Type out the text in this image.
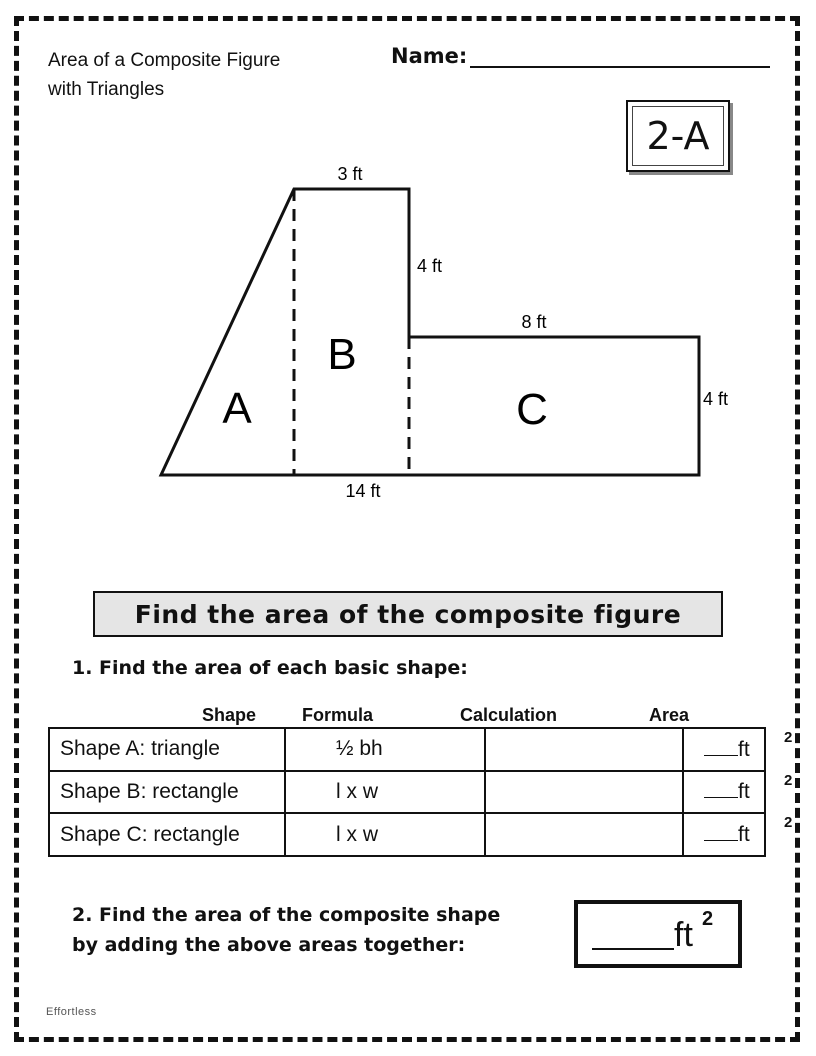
Area of a Composite Figure
with Triangles
Name:
2-A
3 ft
4 ft
8 ft
4 ft
14 ft
A
B
C
Find the area of the composite figure
1. Find the area of each basic shape:
Shape	Formula	Calculation	Area
Shape A: triangle	½ bh		ft
2

Shape B: rectangle	l x w		ft
2

Shape C: rectangle	l x w		ft
2
2. Find the area of the composite shape
by adding the above areas together:	ft 2
Effortless
